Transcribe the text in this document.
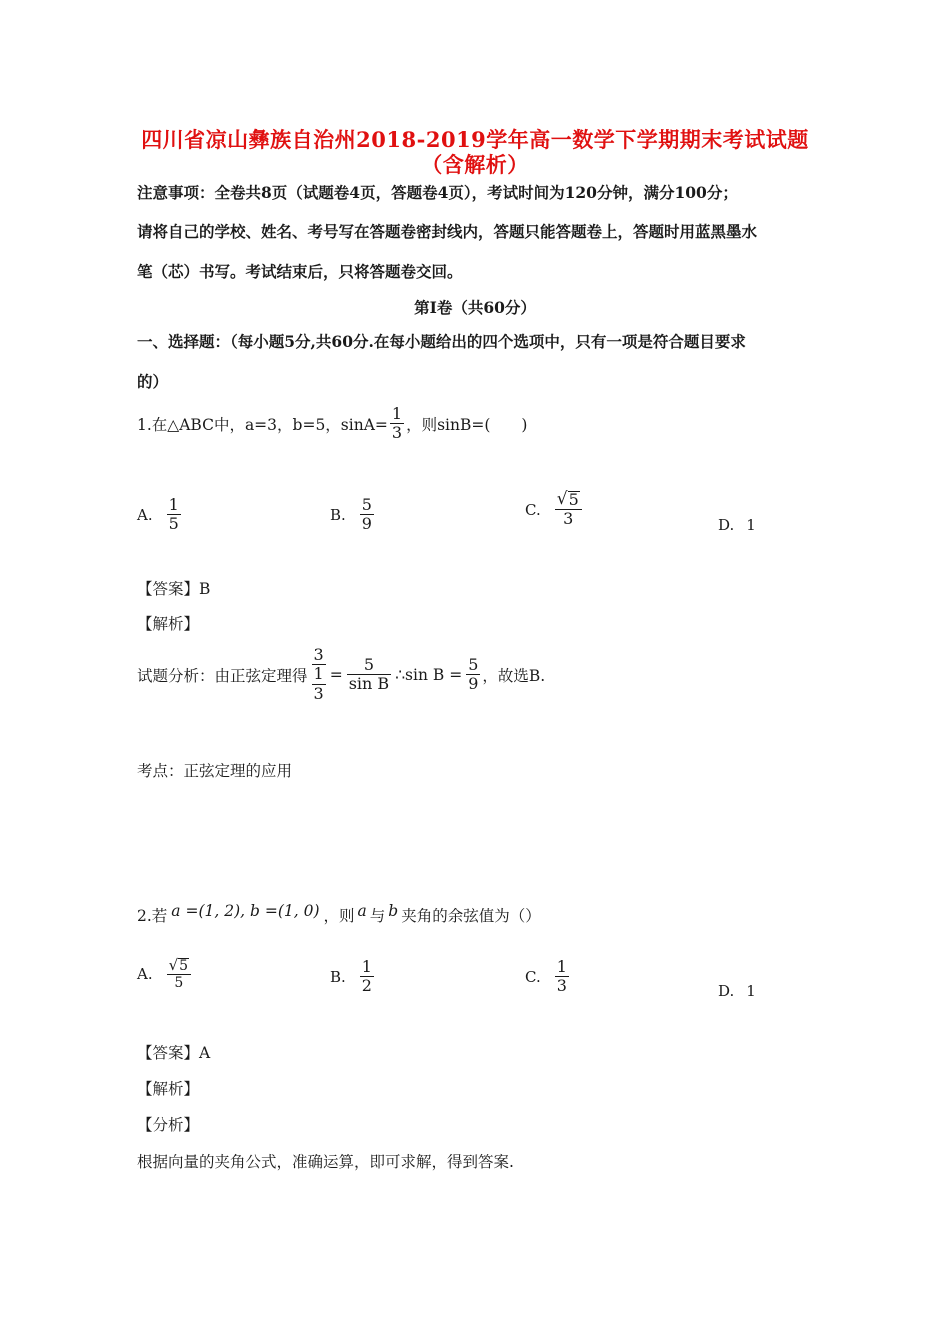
四川省凉山彝族自治州2018-2019学年高一数学下学期期末考试试题
（含解析）
注意事项：全卷共8页（试题卷4页，答题卷4页），考试时间为120分钟，满分100分；
请将自己的学校、姓名、考号写在答题卷密封线内，答题只能答题卷上，答题时用蓝黑墨水
笔（芯）书写。考试结束后，只将答题卷交回。
第Ⅰ卷（共60分）
一、选择题：（每小题5分,共60分.在每小题给出的四个选项中，只有一项是符合题目要求
的）
1.在△ABC中，a=3，b=5，$\sin A= \frac{1}{3}$ ，则sinB=(　　)
A. $\frac{1}{5}$	B. $\frac{5}{9}$	C. $\frac{√ 5}{3}$	D. 1
【答案】B
【解析】
试题分析：由正弦定理得 $\frac{3}{\frac{1}{3}} = \frac{5}{\text{sin B}}$ ∴sin $B = \frac{5}{9}$ ，故选B.
考点：正弦定理的应用
2.若 a =(1, 2), b =(1, 0) ，则 a 与 b 夹角的余弦值为（）
A. $\frac{√ 5}{5}$	B. $\frac{1}{2}$	C. $\frac{1}{3}$	D. 1
【答案】A
【解析】
【分析】
根据向量的夹角公式，准确运算，即可求解，得到答案.
